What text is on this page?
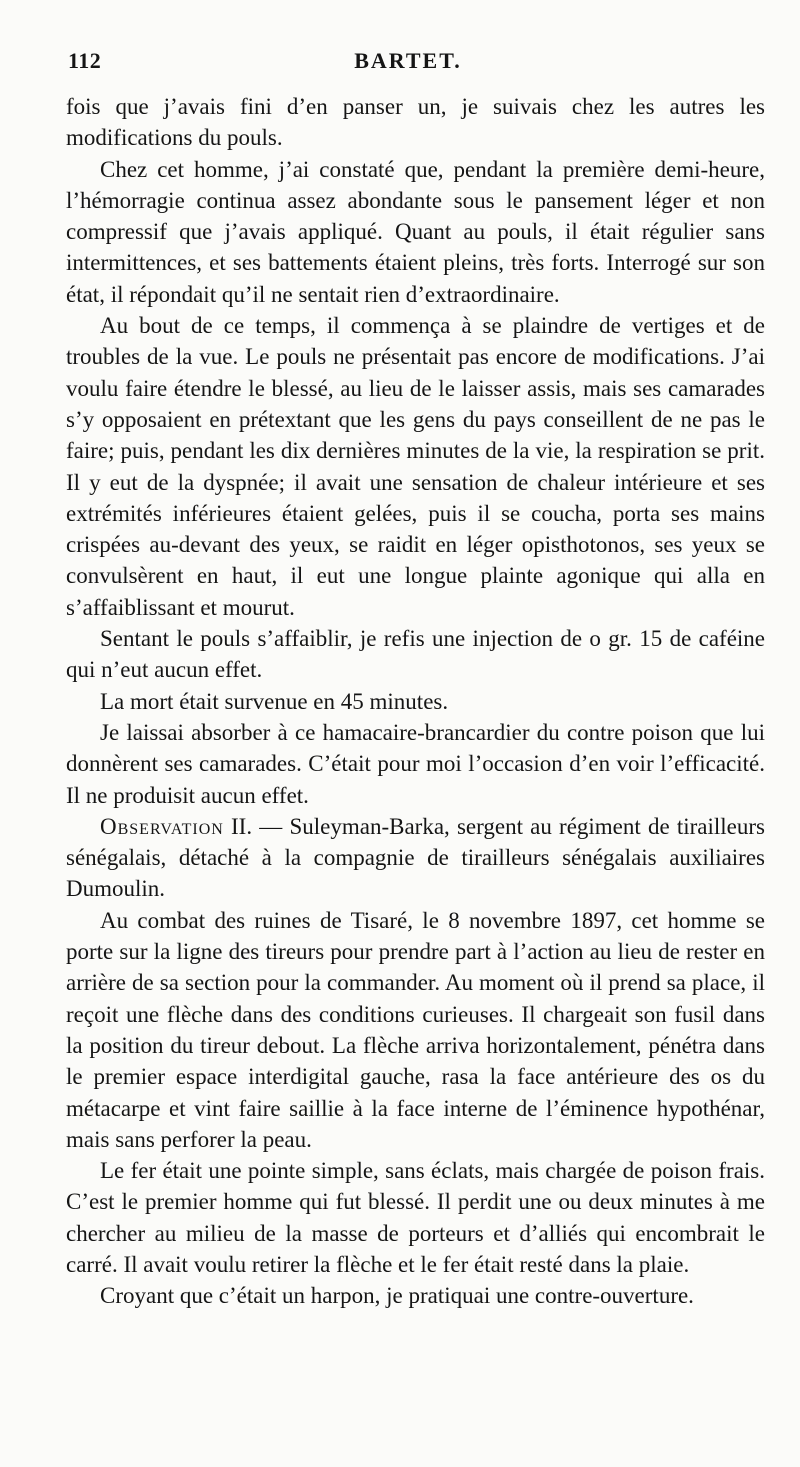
112	BARTET.

fois que j’avais fini d’en panser un, je suivais chez les autres les modifications du pouls.

Chez cet homme, j’ai constaté que, pendant la première demi-heure, l’hémorragie continua assez abondante sous le pansement léger et non compressif que j’avais appliqué. Quant au pouls, il était régulier sans intermittences, et ses battements étaient pleins, très forts. Interrogé sur son état, il répondait qu’il ne sentait rien d’extraordinaire.

Au bout de ce temps, il commença à se plaindre de vertiges et de troubles de la vue. Le pouls ne présentait pas encore de modifications. J’ai voulu faire étendre le blessé, au lieu de le laisser assis, mais ses camarades s’y opposaient en prétextant que les gens du pays conseillent de ne pas le faire; puis, pendant les dix dernières minutes de la vie, la respiration se prit. Il y eut de la dyspnée; il avait une sensation de chaleur intérieure et ses extrémités inférieures étaient gelées, puis il se coucha, porta ses mains crispées au-devant des yeux, se raidit en léger opisthotonos, ses yeux se convulsèrent en haut, il eut une longue plainte agonique qui alla en s’affaiblissant et mourut.

Sentant le pouls s’affaiblir, je refis une injection de o gr. 15 de caféine qui n’eut aucun effet.

La mort était survenue en 45 minutes.

Je laissai absorber à ce hamacaire-brancardier du contre poison que lui donnèrent ses camarades. C’était pour moi l’occasion d’en voir l’efficacité. Il ne produisit aucun effet.

Observation II. — Suleyman-Barka, sergent au régiment de tirailleurs sénégalais, détaché à la compagnie de tirailleurs sénégalais auxiliaires Dumoulin.

Au combat des ruines de Tisaré, le 8 novembre 1897, cet homme se porte sur la ligne des tireurs pour prendre part à l’action au lieu de rester en arrière de sa section pour la commander. Au moment où il prend sa place, il reçoit une flèche dans des conditions curieuses. Il chargeait son fusil dans la position du tireur debout. La flèche arriva horizontalement, pénétra dans le premier espace interdigital gauche, rasa la face antérieure des os du métacarpe et vint faire saillie à la face interne de l’éminence hypothénar, mais sans perforer la peau.

Le fer était une pointe simple, sans éclats, mais chargée de poison frais. C’est le premier homme qui fut blessé. Il perdit une ou deux minutes à me chercher au milieu de la masse de porteurs et d’alliés qui encombrait le carré. Il avait voulu retirer la flèche et le fer était resté dans la plaie.

Croyant que c’était un harpon, je pratiquai une contre-ouverture.
